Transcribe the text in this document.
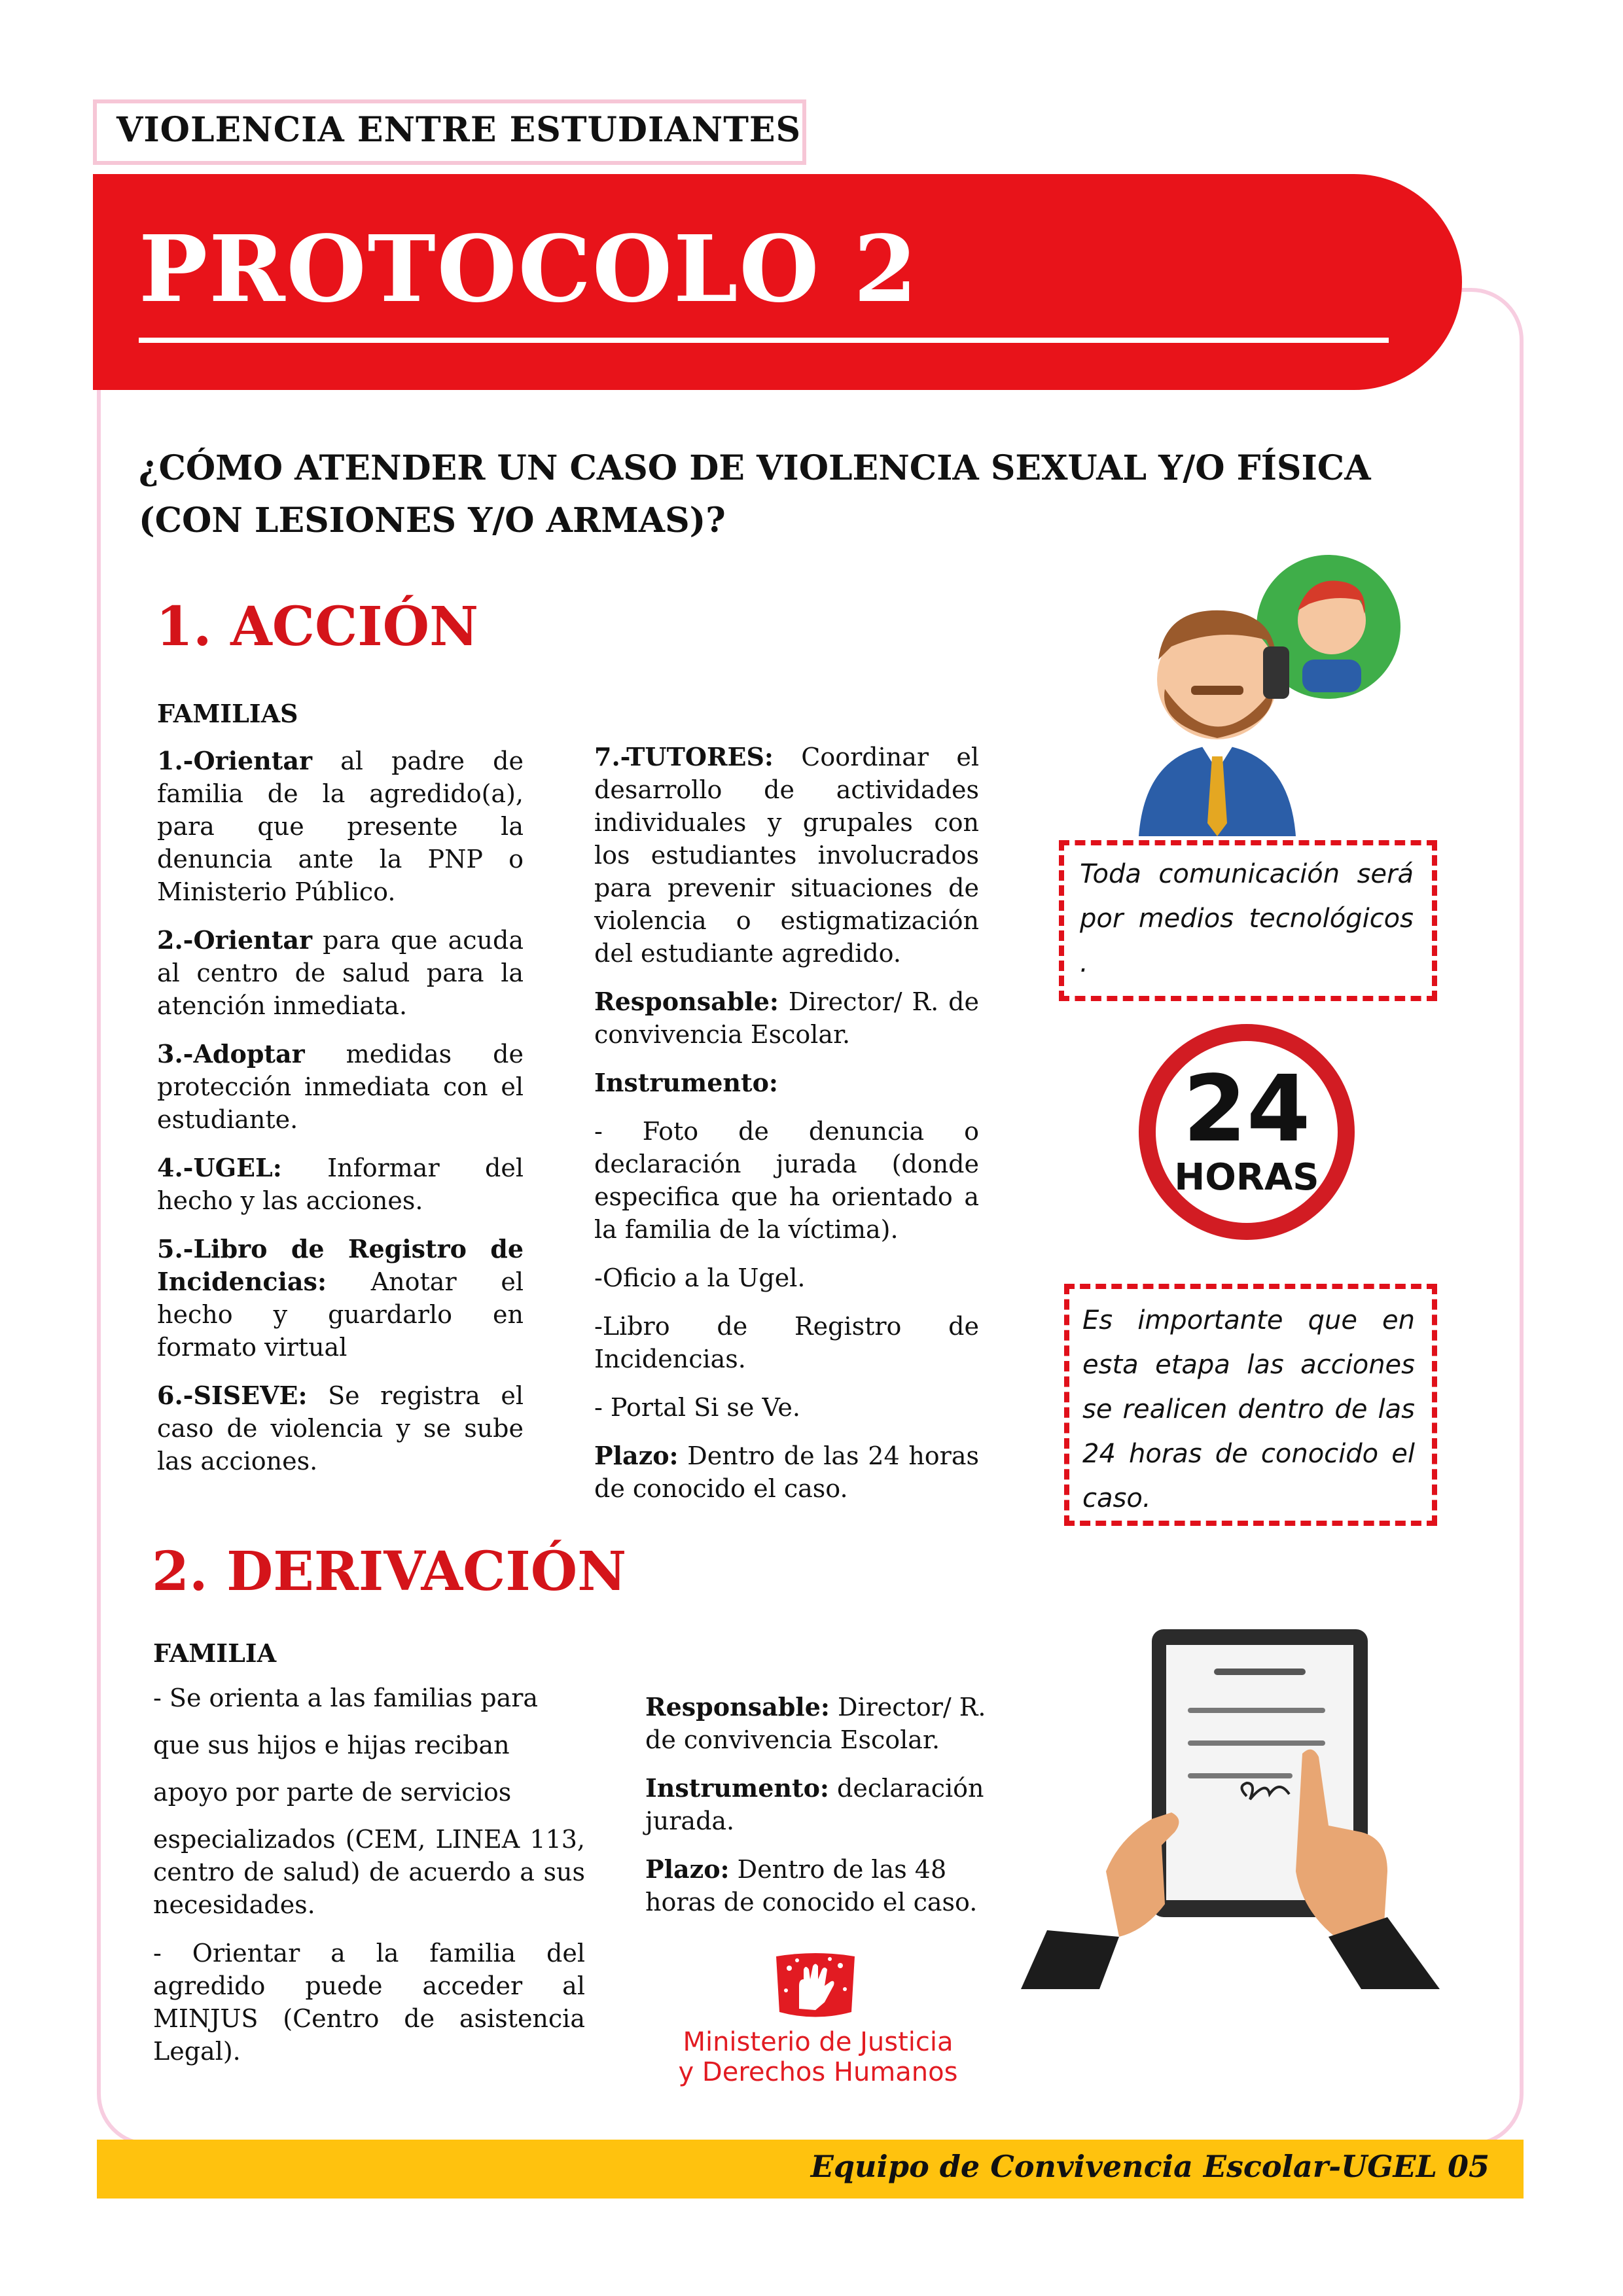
VIOLENCIA ENTRE ESTUDIANTES
PROTOCOLO 2
¿CÓMO ATENDER UN CASO DE VIOLENCIA SEXUAL Y/O FÍSICA
(CON LESIONES Y/O ARMAS)?
1. ACCIÓN
FAMILIAS

1.-Orientar al padre de familia de la agredido(a), para que presente la denuncia ante la PNP o Ministerio Público.

2.-Orientar para que acuda al centro de salud para la atención inmediata.

3.-Adoptar medidas de protección inmediata con el estudiante.

4.-UGEL: Informar del hecho y las acciones.

5.-Libro de Registro de Incidencias: Anotar el hecho y guardarlo en formato virtual

6.-SISEVE: Se registra el caso de violencia y se sube las acciones.

7.-TUTORES: Coordinar el desarrollo de actividades individuales y grupales con los estudiantes involucrados para prevenir situaciones de violencia o estigmatización del estudiante agredido.

Responsable: Director/ R. de convivencia Escolar.

Instrumento:

- Foto de denuncia o declaración jurada (donde especifica que ha orientado a la familia de la víctima).

-Oficio a la Ugel.

-Libro de Registro de Incidencias.

- Portal Si se Ve.

Plazo: Dentro de las 24 horas de conocido el caso.

Toda comunicación será por medios tecnológicos .
24
HORAS
Es importante que en esta etapa las acciones se realicen dentro de las 24 horas de conocido el caso.
2. DERIVACIÓN
FAMILIA

- Se orienta a las familias para

que sus hijos e hijas reciban

apoyo por parte de servicios

especializados (CEM, LINEA 113, centro de salud) de acuerdo a sus necesidades.

- Orientar a la familia del agredido puede acceder al MINJUS (Centro de asistencia Legal).

Responsable: Director/ R. de convivencia Escolar.

Instrumento: declaración jurada.

Plazo: Dentro de las 48 horas de conocido el caso.

Ministerio de Justicia
y Derechos Humanos
Equipo de Convivencia Escolar-UGEL 05
